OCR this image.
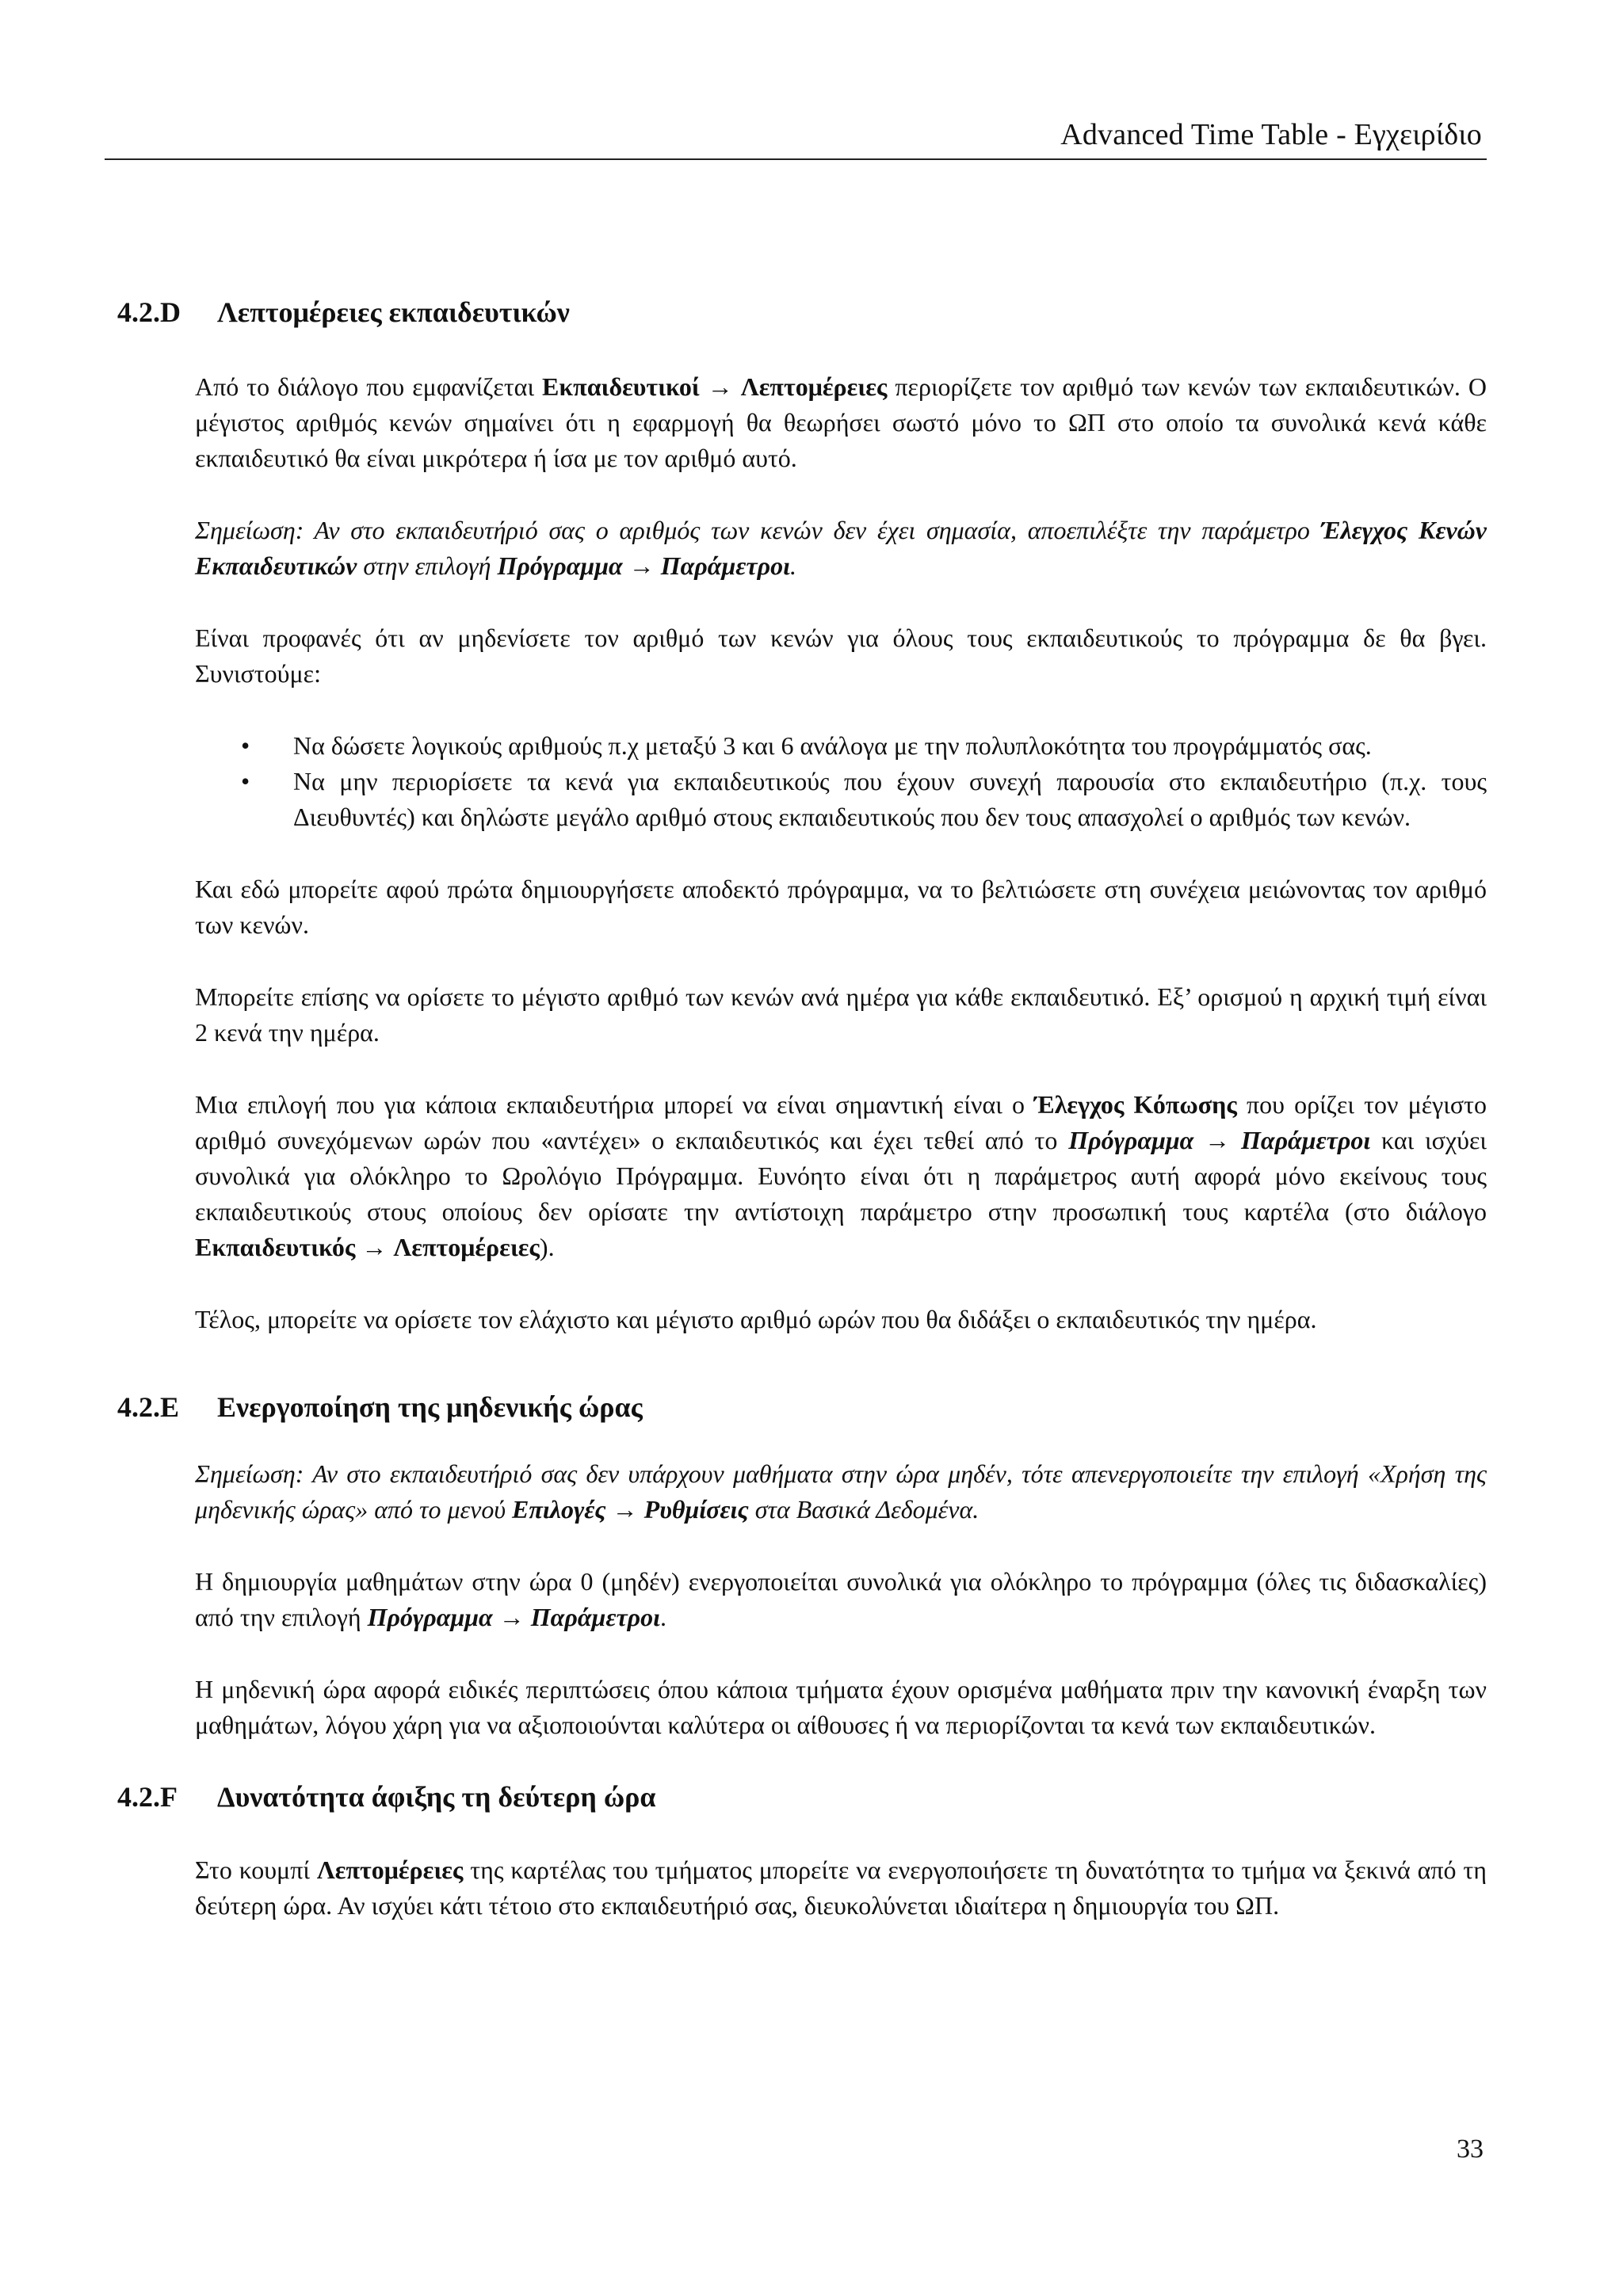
Advanced Time Table - Εγχειρίδιο
4.2.D	Λεπτομέρειες εκπαιδευτικών

Από το διάλογο που εμφανίζεται Εκπαιδευτικοί → Λεπτομέρειες περιορίζετε τον αριθμό των κενών των εκπαιδευτικών. Ο μέγιστος αριθμός κενών σημαίνει ότι η εφαρμογή θα θεωρήσει σωστό μόνο το ΩΠ στο οποίο τα συνολικά κενά κάθε εκπαιδευτικό θα είναι μικρότερα ή ίσα με τον αριθμό αυτό.

Σημείωση: Αν στο εκπαιδευτήριό σας ο αριθμός των κενών δεν έχει σημασία, αποεπιλέξτε την παράμετρο Έλεγχος Κενών Εκπαιδευτικών στην επιλογή Πρόγραμμα → Παράμετροι.

Είναι προφανές ότι αν μηδενίσετε τον αριθμό των κενών για όλους τους εκπαιδευτικούς το πρόγραμμα δε θα βγει. Συνιστούμε:

• Να δώσετε λογικούς αριθμούς π.χ μεταξύ 3 και 6 ανάλογα με την πολυπλοκότητα του προγράμματός σας.
• Να μην περιορίσετε τα κενά για εκπαιδευτικούς που έχουν συνεχή παρουσία στο εκπαιδευτήριο (π.χ. τους Διευθυντές) και δηλώστε μεγάλο αριθμό στους εκπαιδευτικούς που δεν τους απασχολεί ο αριθμός των κενών.

Και εδώ μπορείτε αφού πρώτα δημιουργήσετε αποδεκτό πρόγραμμα, να το βελτιώσετε στη συνέχεια μειώνοντας τον αριθμό των κενών.

Μπορείτε επίσης να ορίσετε το μέγιστο αριθμό των κενών ανά ημέρα για κάθε εκπαιδευτικό. Εξ’ ορισμού η αρχική τιμή είναι 2 κενά την ημέρα.

Μια επιλογή που για κάποια εκπαιδευτήρια μπορεί να είναι σημαντική είναι ο Έλεγχος Κόπωσης που ορίζει τον μέγιστο αριθμό συνεχόμενων ωρών που «αντέχει» ο εκπαιδευτικός και έχει τεθεί από το Πρόγραμμα → Παράμετροι και ισχύει συνολικά για ολόκληρο το Ωρολόγιο Πρόγραμμα. Ευνόητο είναι ότι η παράμετρος αυτή αφορά μόνο εκείνους τους εκπαιδευτικούς στους οποίους δεν ορίσατε την αντίστοιχη παράμετρο στην προσωπική τους καρτέλα (στο διάλογο Εκπαιδευτικός → Λεπτομέρειες).

Τέλος, μπορείτε να ορίσετε τον ελάχιστο και μέγιστο αριθμό ωρών που θα διδάξει ο εκπαιδευτικός την ημέρα.

4.2.E	Ενεργοποίηση της μηδενικής ώρας

Σημείωση: Αν στο εκπαιδευτήριό σας δεν υπάρχουν μαθήματα στην ώρα μηδέν, τότε απενεργοποιείτε την επιλογή «Χρήση της μηδενικής ώρας» από το μενού Επιλογές → Ρυθμίσεις στα Βασικά Δεδομένα.

Η δημιουργία μαθημάτων στην ώρα 0 (μηδέν) ενεργοποιείται συνολικά για ολόκληρο το πρόγραμμα (όλες τις διδασκαλίες) από την επιλογή Πρόγραμμα → Παράμετροι.

Η μηδενική ώρα αφορά ειδικές περιπτώσεις όπου κάποια τμήματα έχουν ορισμένα μαθήματα πριν την κανονική έναρξη των μαθημάτων, λόγου χάρη για να αξιοποιούνται καλύτερα οι αίθουσες ή να περιορίζονται τα κενά των εκπαιδευτικών.

4.2.F	Δυνατότητα άφιξης τη δεύτερη ώρα

Στο κουμπί Λεπτομέρειες της καρτέλας του τμήματος μπορείτε να ενεργοποιήσετε τη δυνατότητα το τμήμα να ξεκινά από τη δεύτερη ώρα. Αν ισχύει κάτι τέτοιο στο εκπαιδευτήριό σας, διευκολύνεται ιδιαίτερα η δημιουργία του ΩΠ.

33
